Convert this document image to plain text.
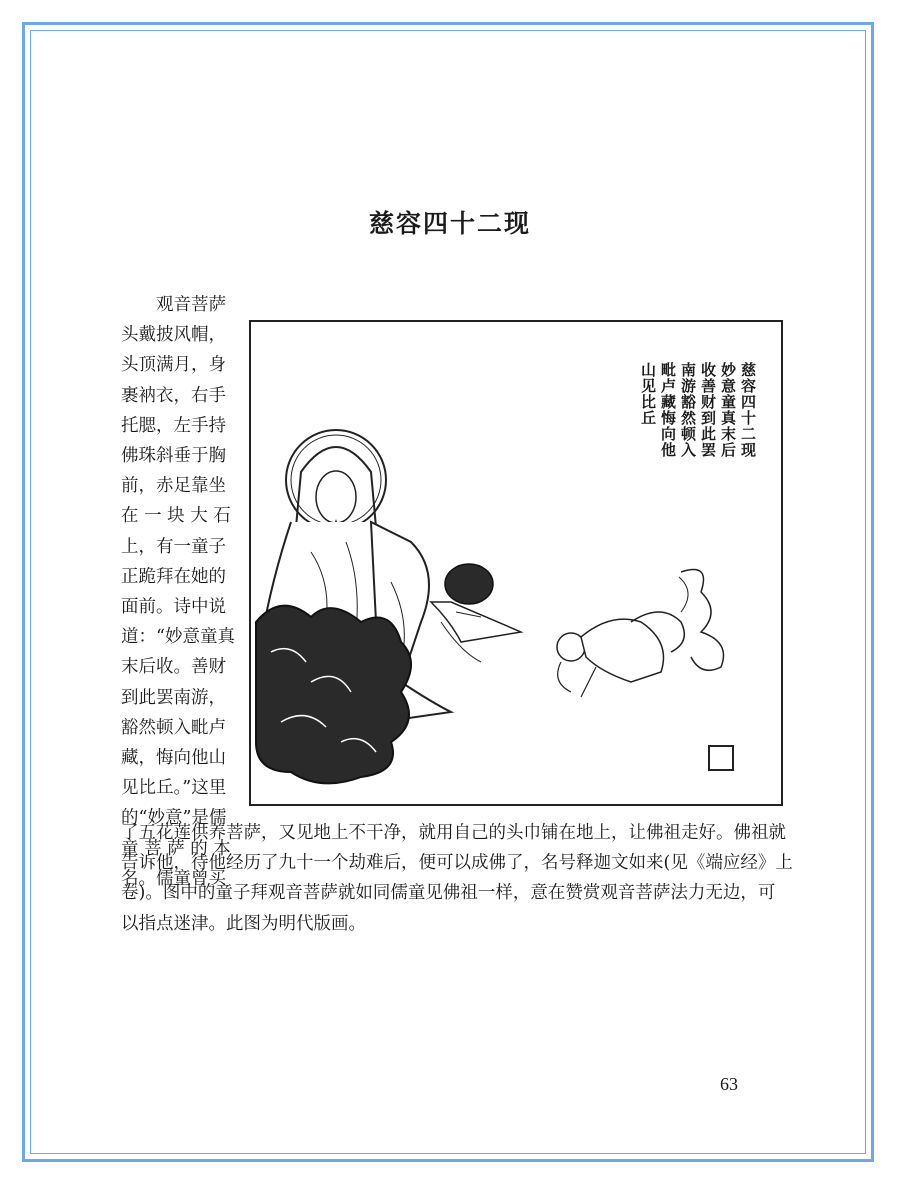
慈容四十二现

　　观音菩萨

头戴披风帽，

头顶满月，身

裹衲衣，右手

托腮，左手持

佛珠斜垂于胸

前，赤足靠坐

在 一 块 大 石

上，有一童子

正跪拜在她的

面前。诗中说

道：“妙意童真

末后收。善财

到此罢南游，

豁然顿入毗卢

藏，悔向他山

见比丘。”这里

的“妙意”是儒

童 菩 萨 的 本

名。儒童曾买

慈容四十二现
妙意童真末后
收善财到此罢
南游豁然顿入
毗卢藏悔向他
山见比丘

了五花莲供养菩萨，又见地上不干净，就用自己的头巾铺在地上，让佛祖走好。佛祖就

告诉他，待他经历了九十一个劫难后，便可以成佛了，名号释迦文如来(见《端应经》上

卷)。图中的童子拜观音菩萨就如同儒童见佛祖一样，意在赞赏观音菩萨法力无边，可

以指点迷津。此图为明代版画。

63
